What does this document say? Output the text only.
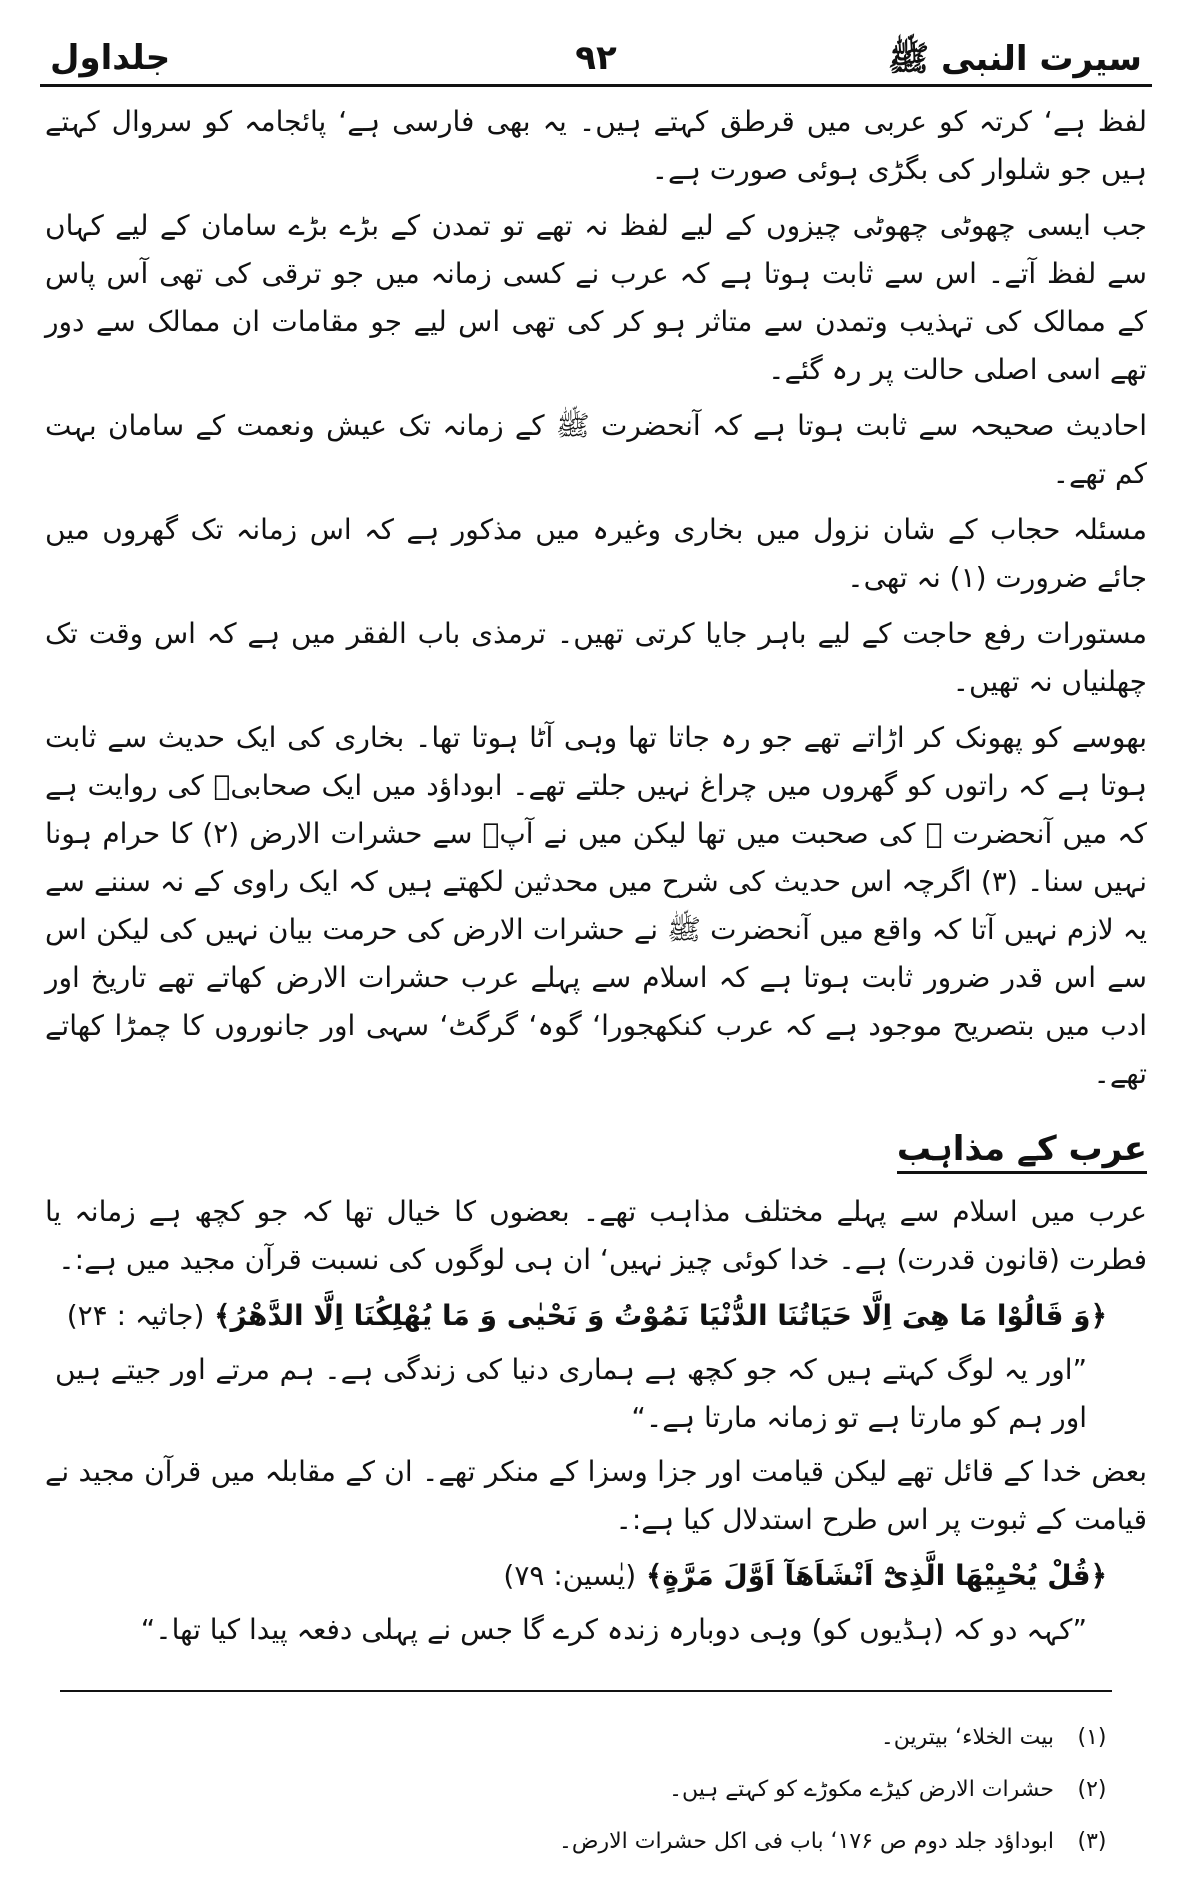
سیرت النبی ﷺ
۹۲
جلداول

لفظ ہے‘ کرتہ کو عربی میں قرطق کہتے ہیں۔ یہ بھی فارسی ہے‘ پائجامہ کو سروال کہتے ہیں جو شلوار کی بگڑی ہوئی صورت ہے۔

جب ایسی چھوٹی چھوٹی چیزوں کے لیے لفظ نہ تھے تو تمدن کے بڑے بڑے سامان کے لیے کہاں سے لفظ آتے۔ اس سے ثابت ہوتا ہے کہ عرب نے کسی زمانہ میں جو ترقی کی تھی آس پاس کے ممالک کی تہذیب وتمدن سے متاثر ہو کر کی تھی اس لیے جو مقامات ان ممالک سے دور تھے اسی اصلی حالت پر رہ گئے۔

احادیث صحیحہ سے ثابت ہوتا ہے کہ آنحضرت ﷺ کے زمانہ تک عیش ونعمت کے سامان بہت کم تھے۔

مسئلہ حجاب کے شان نزول میں بخاری وغیرہ میں مذکور ہے کہ اس زمانہ تک گھروں میں جائے ضرورت (۱) نہ تھی۔

مستورات رفع حاجت کے لیے باہر جایا کرتی تھیں۔ ترمذی باب الفقر میں ہے کہ اس وقت تک چھلنیاں نہ تھیں۔

بھوسے کو پھونک کر اڑاتے تھے جو رہ جاتا تھا وہی آٹا ہوتا تھا۔ بخاری کی ایک حدیث سے ثابت ہوتا ہے کہ راتوں کو گھروں میں چراغ نہیں جلتے تھے۔ ابوداؤد میں ایک صحابیؓ کی روایت ہے کہ میں آنحضرت ﷺ کی صحبت میں تھا لیکن میں نے آپؐ سے حشرات الارض (۲) کا حرام ہونا نہیں سنا۔ (۳) اگرچہ اس حدیث کی شرح میں محدثین لکھتے ہیں کہ ایک راوی کے نہ سننے سے یہ لازم نہیں آتا کہ واقع میں آنحضرت ﷺ نے حشرات الارض کی حرمت بیان نہیں کی لیکن اس سے اس قدر ضرور ثابت ہوتا ہے کہ اسلام سے پہلے عرب حشرات الارض کھاتے تھے تاریخ اور ادب میں بتصریح موجود ہے کہ عرب کنکھجورا‘ گوہ‘ گرگٹ‘ سہی اور جانوروں کا چمڑا کھاتے تھے۔

عرب کے مذاہب

عرب میں اسلام سے پہلے مختلف مذاہب تھے۔ بعضوں کا خیال تھا کہ جو کچھ ہے زمانہ یا فطرت (قانون قدرت) ہے۔ خدا کوئی چیز نہیں‘ ان ہی لوگوں کی نسبت قرآن مجید میں ہے:۔

﴿وَ قَالُوْا مَا هِیَ اِلَّا حَیَاتُنَا الدُّنْیَا نَمُوْتُ وَ نَحْیٰی وَ مَا یُهْلِكُنَا اِلَّا الدَّهْرُ﴾ (جاثیہ : ۲۴)
”اور یہ لوگ کہتے ہیں کہ جو کچھ ہے ہماری دنیا کی زندگی ہے۔ ہم مرتے اور جیتے ہیں اور ہم کو مارتا ہے تو زمانہ مارتا ہے۔“

بعض خدا کے قائل تھے لیکن قیامت اور جزا وسزا کے منکر تھے۔ ان کے مقابلہ میں قرآن مجید نے قیامت کے ثبوت پر اس طرح استدلال کیا ہے:۔

﴿قُلْ یُحْیِیْهَا الَّذِیْٓ اَنْشَاَهَآ اَوَّلَ مَرَّةٍ﴾ (یٰسین: ۷۹)
”کہہ دو کہ (ہڈیوں کو) وہی دوبارہ زندہ کرے گا جس نے پہلی دفعہ پیدا کیا تھا۔“
(۱)
بیت الخلاء‘ بیترین۔
(۲)
حشرات الارض کیڑے مکوڑے کو کہتے ہیں۔
(۳)
ابوداؤد جلد دوم ص ۱۷۶‘ باب فی اکل حشرات الارض۔
